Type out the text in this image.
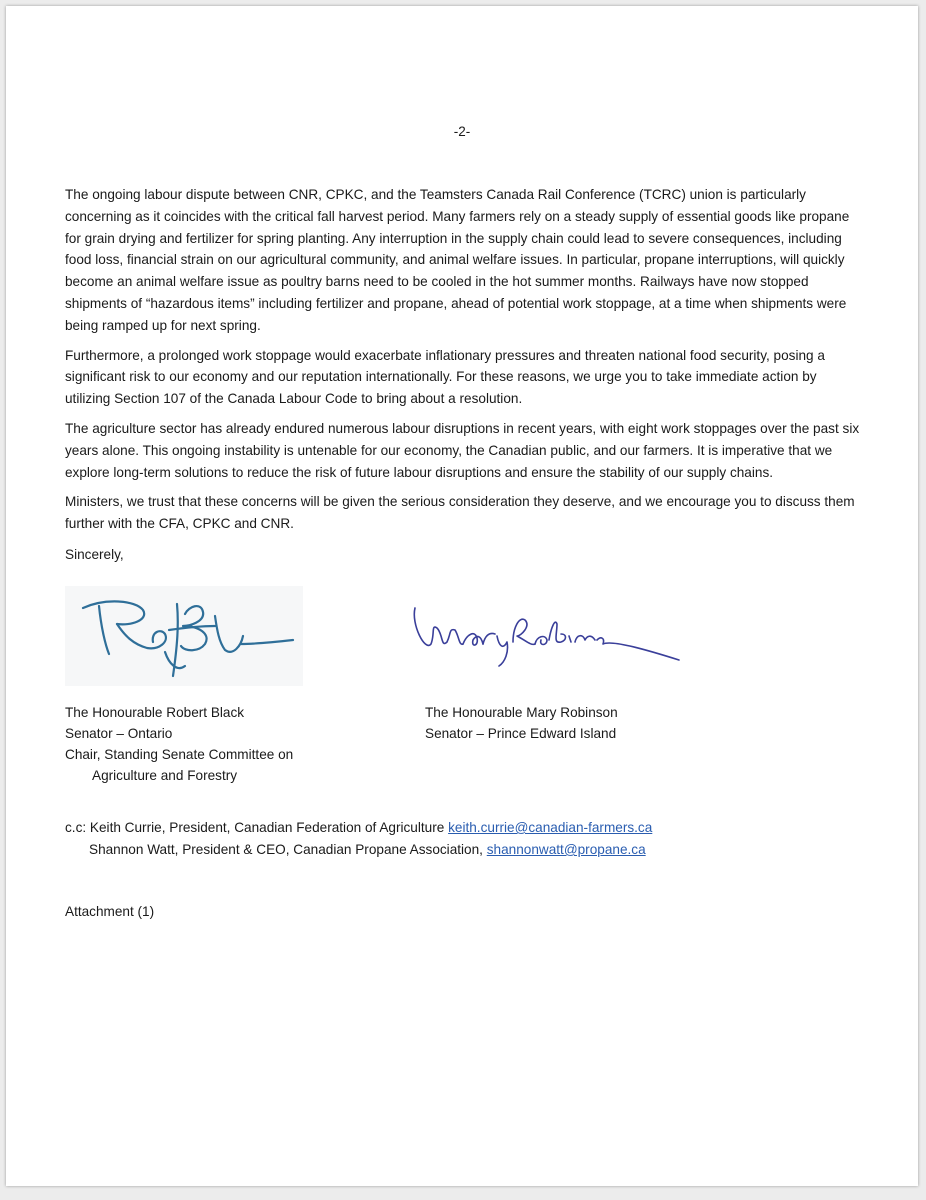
-2-

The ongoing labour dispute between CNR, CPKC, and the Teamsters Canada Rail Conference (TCRC) union is particularly concerning as it coincides with the critical fall harvest period. Many farmers rely on a steady supply of essential goods like propane for grain drying and fertilizer for spring planting. Any interruption in the supply chain could lead to severe consequences, including food loss, financial strain on our agricultural community, and animal welfare issues. In particular, propane interruptions, will quickly become an animal welfare issue as poultry barns need to be cooled in the hot summer months. Railways have now stopped shipments of “hazardous items” including fertilizer and propane, ahead of potential work stoppage, at a time when shipments were being ramped up for next spring.

Furthermore, a prolonged work stoppage would exacerbate inflationary pressures and threaten national food security, posing a significant risk to our economy and our reputation internationally. For these reasons, we urge you to take immediate action by utilizing Section 107 of the Canada Labour Code to bring about a resolution.

The agriculture sector has already endured numerous labour disruptions in recent years, with eight work stoppages over the past six years alone. This ongoing instability is untenable for our economy, the Canadian public, and our farmers. It is imperative that we explore long-term solutions to reduce the risk of future labour disruptions and ensure the stability of our supply chains.

Ministers, we trust that these concerns will be given the serious consideration they deserve, and we encourage you to discuss them further with the CFA, CPKC and CNR.

Sincerely,
The Honourable Robert Black
Senator – Ontario
Chair, Standing Senate Committee on
Agriculture and Forestry
The Honourable Mary Robinson
Senator – Prince Edward Island
c.c: Keith Currie, President, Canadian Federation of Agriculture keith.currie@canadian-farmers.ca
Shannon Watt, President & CEO, Canadian Propane Association, shannonwatt@propane.ca
Attachment (1)
